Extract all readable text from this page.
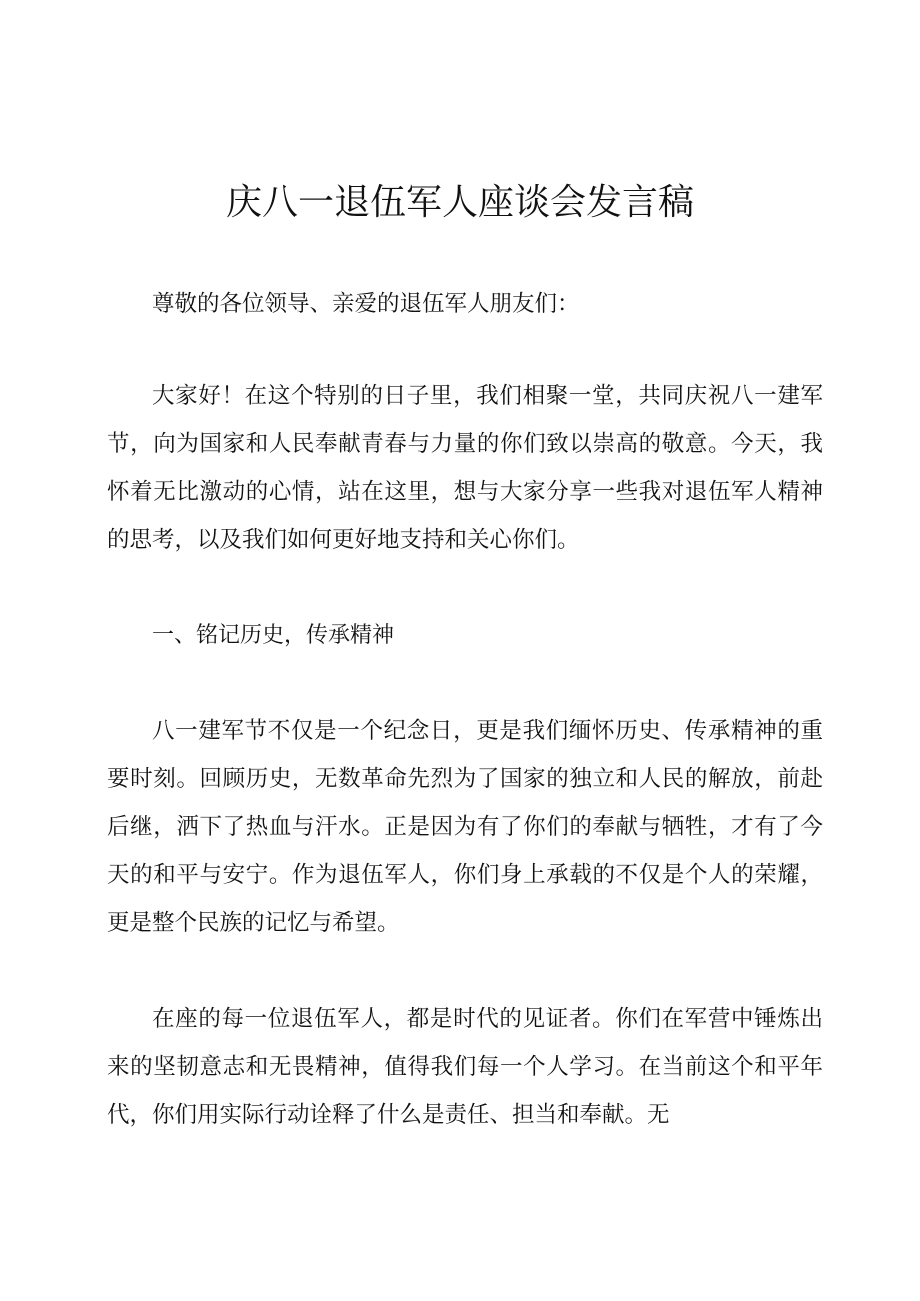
庆八一退伍军人座谈会发言稿

尊敬的各位领导、亲爱的退伍军人朋友们：

大家好！在这个特别的日子里，我们相聚一堂，共同庆祝八一建军节，向为国家和人民奉献青春与力量的你们致以崇高的敬意。今天，我怀着无比激动的心情，站在这里，想与大家分享一些我对退伍军人精神的思考，以及我们如何更好地支持和关心你们。

一、铭记历史，传承精神

八一建军节不仅是一个纪念日，更是我们缅怀历史、传承精神的重要时刻。回顾历史，无数革命先烈为了国家的独立和人民的解放，前赴后继，洒下了热血与汗水。正是因为有了你们的奉献与牺牲，才有了今天的和平与安宁。作为退伍军人，你们身上承载的不仅是个人的荣耀，更是整个民族的记忆与希望。

在座的每一位退伍军人，都是时代的见证者。你们在军营中锤炼出来的坚韧意志和无畏精神，值得我们每一个人学习。在当前这个和平年代，你们用实际行动诠释了什么是责任、担当和奉献。无
